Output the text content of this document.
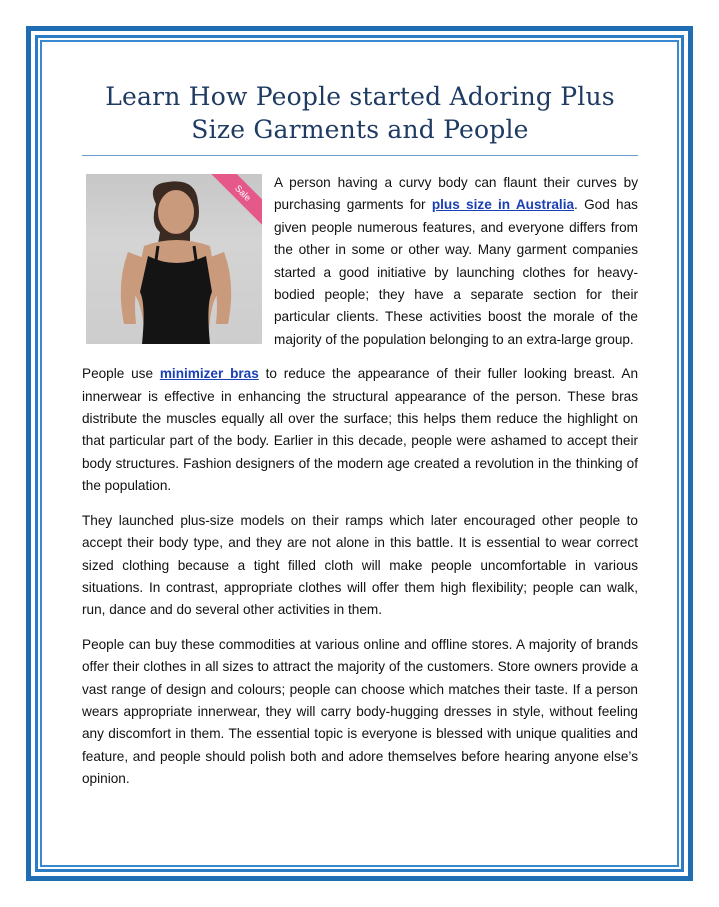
Learn How People started Adoring Plus
Size Garments and People

Sale
A person having a curvy body can flaunt their curves by purchasing garments for plus size in Australia. God has given people numerous features, and everyone differs from the other in some or other way. Many garment companies started a good initiative by launching clothes for heavy-bodied people; they have a separate section for their particular clients. These activities boost the morale of the majority of the population belonging to an extra-large group.

People use minimizer bras to reduce the appearance of their fuller looking breast. An innerwear is effective in enhancing the structural appearance of the person. These bras distribute the muscles equally all over the surface; this helps them reduce the highlight on that particular part of the body. Earlier in this decade, people were ashamed to accept their body structures. Fashion designers of the modern age created a revolution in the thinking of the population.

They launched plus-size models on their ramps which later encouraged other people to accept their body type, and they are not alone in this battle. It is essential to wear correct sized clothing because a tight filled cloth will make people uncomfortable in various situations. In contrast, appropriate clothes will offer them high flexibility; people can walk, run, dance and do several other activities in them.

People can buy these commodities at various online and offline stores. A majority of brands offer their clothes in all sizes to attract the majority of the customers. Store owners provide a vast range of design and colours; people can choose which matches their taste. If a person wears appropriate innerwear, they will carry body-hugging dresses in style, without feeling any discomfort in them. The essential topic is everyone is blessed with unique qualities and feature, and people should polish both and adore themselves before hearing anyone else’s opinion.
